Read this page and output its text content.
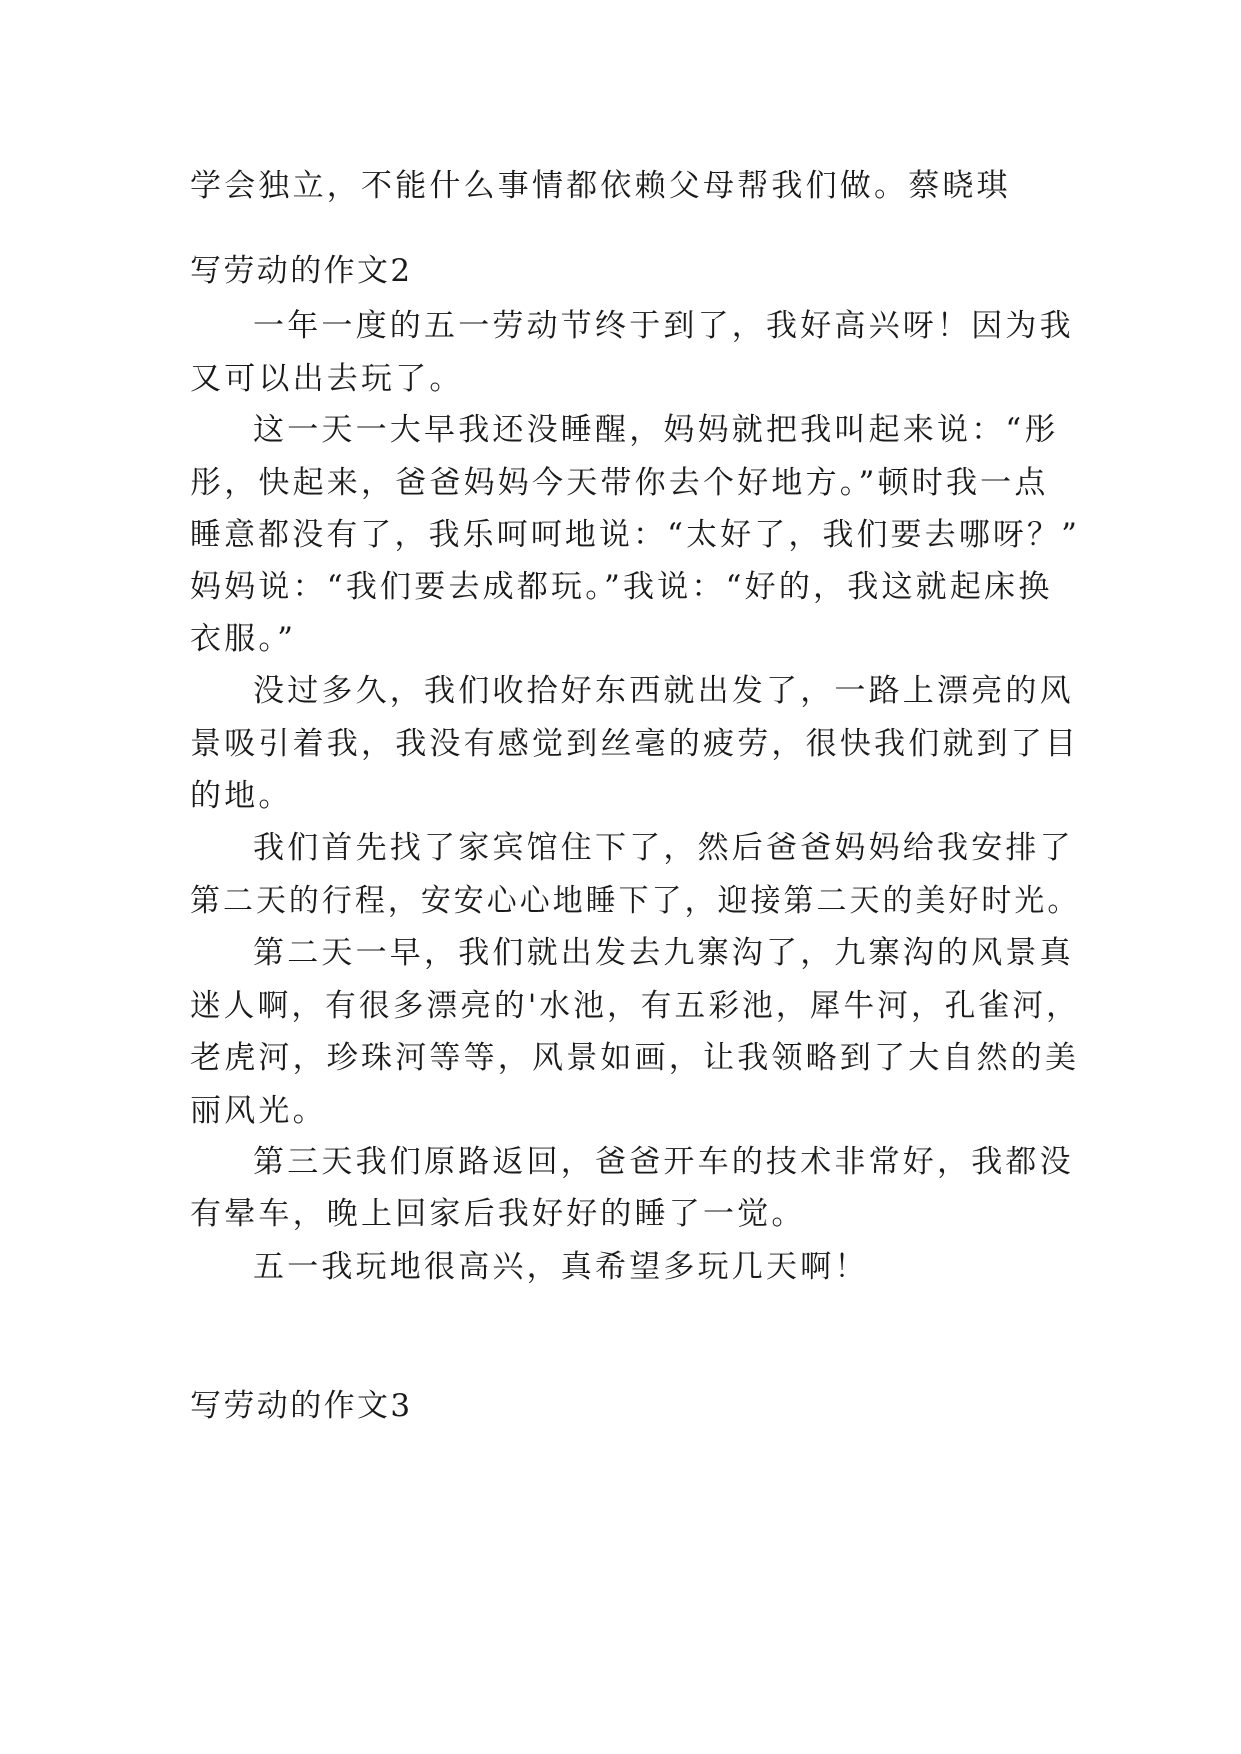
学会独立，不能什么事情都依赖父母帮我们做。蔡晓琪
写劳动的作文2
一年一度的五一劳动节终于到了，我好高兴呀！因为我
又可以出去玩了。
这一天一大早我还没睡醒，妈妈就把我叫起来说：“彤
彤，快起来，爸爸妈妈今天带你去个好地方。”顿时我一点
睡意都没有了，我乐呵呵地说：“太好了，我们要去哪呀？”
妈妈说：“我们要去成都玩。”我说：“好的，我这就起床换
衣服。”
没过多久，我们收拾好东西就出发了，一路上漂亮的风
景吸引着我，我没有感觉到丝毫的疲劳，很快我们就到了目
的地。
我们首先找了家宾馆住下了，然后爸爸妈妈给我安排了
第二天的行程，安安心心地睡下了，迎接第二天的美好时光。
第二天一早，我们就出发去九寨沟了，九寨沟的风景真
迷人啊，有很多漂亮的'水池，有五彩池，犀牛河，孔雀河，
老虎河，珍珠河等等，风景如画，让我领略到了大自然的美
丽风光。
第三天我们原路返回，爸爸开车的技术非常好，我都没
有晕车，晚上回家后我好好的睡了一觉。
五一我玩地很高兴，真希望多玩几天啊！
写劳动的作文3
